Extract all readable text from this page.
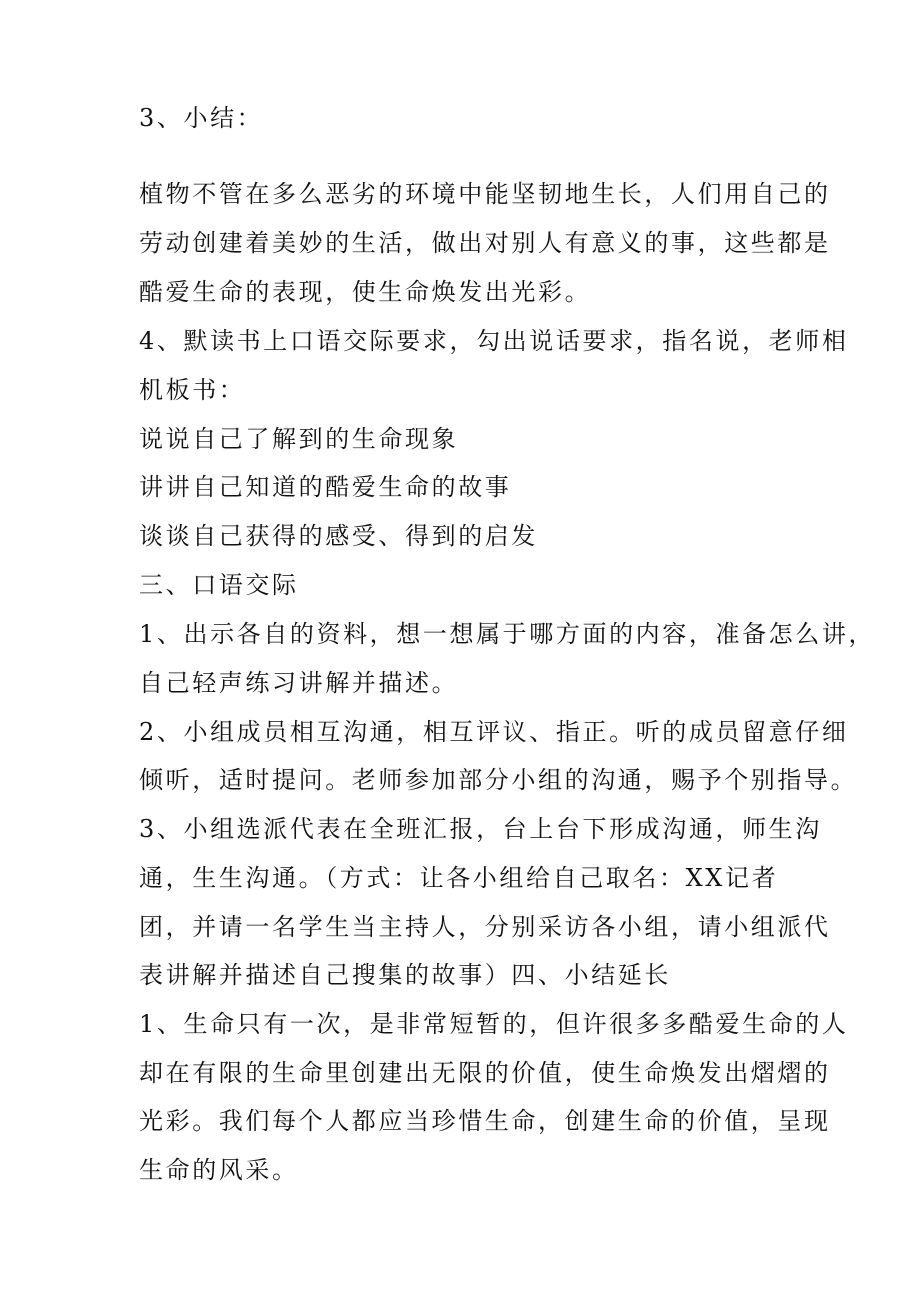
3、小结：
植物不管在多么恶劣的环境中能坚韧地生长，人们用自己的
劳动创建着美妙的生活，做出对别人有意义的事，这些都是
酷爱生命的表现，使生命焕发出光彩。
4、默读书上口语交际要求，勾出说话要求，指名说，老师相
机板书：
说说自己了解到的生命现象
讲讲自己知道的酷爱生命的故事
谈谈自己获得的感受、得到的启发
三、口语交际
1、出示各自的资料，想一想属于哪方面的内容，准备怎么讲，
自己轻声练习讲解并描述。
2、小组成员相互沟通，相互评议、指正。听的成员留意仔细
倾听，适时提问。老师参加部分小组的沟通，赐予个别指导。
3、小组选派代表在全班汇报，台上台下形成沟通，师生沟
通，生生沟通。（方式：让各小组给自己取名：XX记者
团，并请一名学生当主持人，分别采访各小组，请小组派代
表讲解并描述自己搜集的故事）四、小结延长
1、生命只有一次，是非常短暂的，但许很多多酷爱生命的人
却在有限的生命里创建出无限的价值，使生命焕发出熠熠的
光彩。我们每个人都应当珍惜生命，创建生命的价值，呈现
生命的风采。
